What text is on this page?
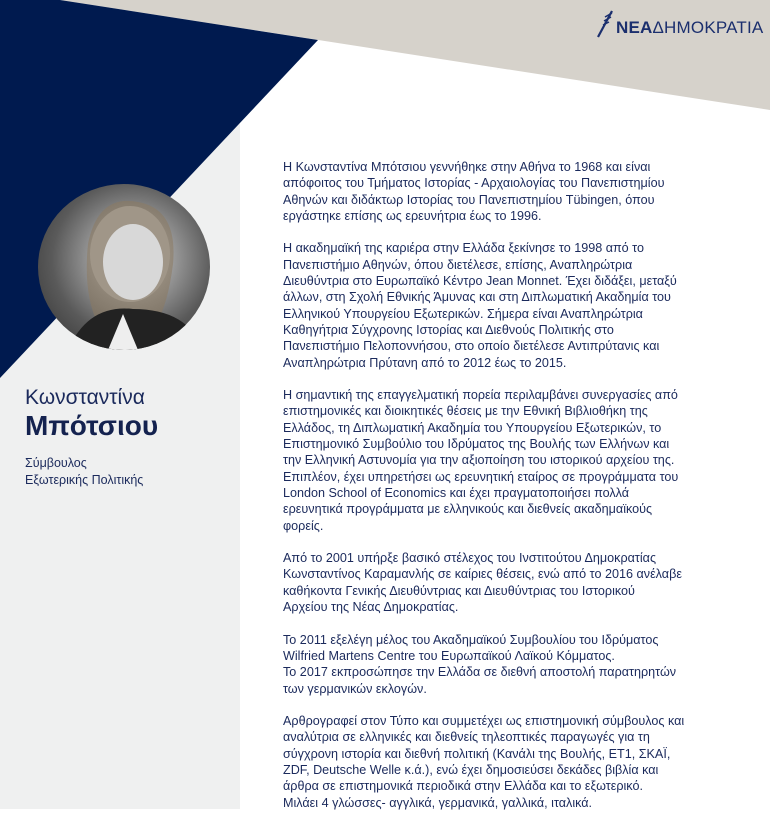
ΝΕΑΔΗΜΟΚΡΑΤΙΑ
Κωνσταντίνα
Μπότσιου
Σύμβουλος
Εξωτερικής Πολιτικής

Η Κωνσταντίνα Μπότσιου γεννήθηκε στην Αθήνα το 1968 και είναι
απόφοιτος του Τμήματος Ιστορίας - Αρχαιολογίας του Πανεπιστημίου
Αθηνών και διδάκτωρ Ιστορίας του Πανεπιστημίου Tübingen, όπου
εργάστηκε επίσης ως ερευνήτρια έως το 1996.

Η ακαδημαϊκή της καριέρα στην Ελλάδα ξεκίνησε το 1998 από το
Πανεπιστήμιο Αθηνών, όπου διετέλεσε, επίσης, Αναπληρώτρια
Διευθύντρια στο Ευρωπαϊκό Κέντρο Jean Monnet. Έχει διδάξει, μεταξύ
άλλων, στη Σχολή Εθνικής Άμυνας και στη Διπλωματική Ακαδημία του
Ελληνικού Υπουργείου Εξωτερικών. Σήμερα είναι Αναπληρώτρια
Καθηγήτρια Σύγχρονης Ιστορίας και Διεθνούς Πολιτικής στο
Πανεπιστήμιο Πελοποννήσου, στο οποίο διετέλεσε Αντιπρύτανις και
Αναπληρώτρια Πρύτανη από το 2012 έως το 2015.

Η σημαντική της επαγγελματική πορεία περιλαμβάνει συνεργασίες από
επιστημονικές και διοικητικές θέσεις με την Εθνική Βιβλιοθήκη της
Ελλάδος, τη Διπλωματική Ακαδημία του Υπουργείου Εξωτερικών, το
Επιστημονικό Συμβούλιο του Ιδρύματος της Βουλής των Ελλήνων και
την Ελληνική Αστυνομία για την αξιοποίηση του ιστορικού αρχείου της.
Επιπλέον, έχει υπηρετήσει ως ερευνητική εταίρος σε προγράμματα του
London School of Economics και έχει πραγματοποιήσει πολλά
ερευνητικά προγράμματα με ελληνικούς και διεθνείς ακαδημαϊκούς
φορείς.

Από το 2001 υπήρξε βασικό στέλεχος του Ινστιτούτου Δημοκρατίας
Κωνσταντίνος Καραμανλής σε καίριες θέσεις, ενώ από το 2016 ανέλαβε
καθήκοντα Γενικής Διευθύντριας και Διευθύντριας του Ιστορικού
Αρχείου της Νέας Δημοκρατίας.

Το 2011 εξελέγη μέλος του Ακαδημαϊκού Συμβουλίου του Ιδρύματος
Wilfried Martens Centre του Ευρωπαϊκού Λαϊκού Κόμματος.
Το 2017 εκπροσώπησε την Ελλάδα σε διεθνή αποστολή παρατηρητών
των γερμανικών εκλογών.

Αρθρογραφεί στον Τύπο και συμμετέχει ως επιστημονική σύμβουλος και
αναλύτρια σε ελληνικές και διεθνείς τηλεοπτικές παραγωγές για τη
σύγχρονη ιστορία και διεθνή πολιτική (Κανάλι της Βουλής, ΕΤ1, ΣΚΑΪ,
ZDF, Deutsche Welle κ.ά.), ενώ έχει δημοσιεύσει δεκάδες βιβλία και
άρθρα σε επιστημονικά περιοδικά στην Ελλάδα και το εξωτερικό.
Μιλάει 4 γλώσσες- αγγλικά, γερμανικά, γαλλικά, ιταλικά.
